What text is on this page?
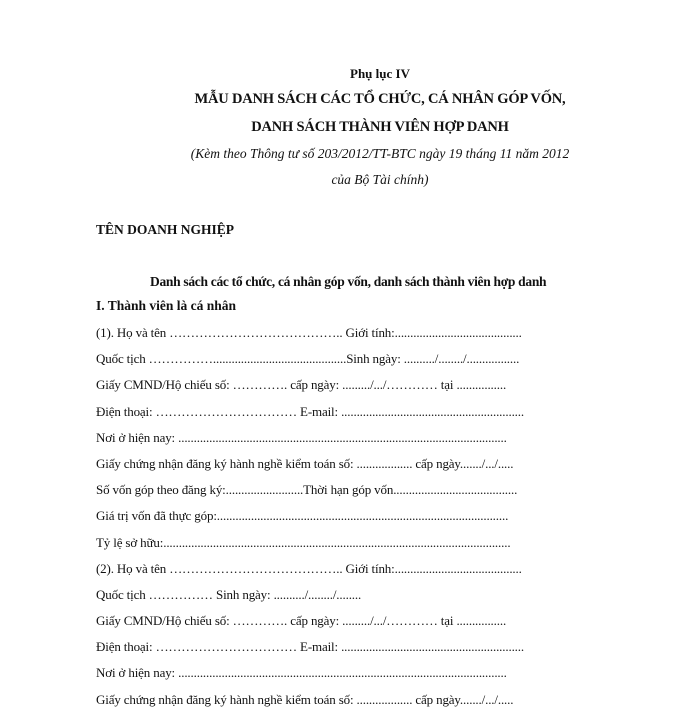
Phụ lục IV
MẪU DANH SÁCH CÁC TỔ CHỨC, CÁ NHÂN GÓP VỐN,
DANH SÁCH THÀNH VIÊN HỢP DANH
(Kèm theo Thông tư số 203/2012/TT-BTC ngày 19 tháng 11 năm 2012
của Bộ Tài chính)
TÊN DOANH NGHIỆP
Danh sách các tổ chức, cá nhân góp vốn, danh sách thành viên hợp danh
I. Thành viên là cá nhân
(1). Họ và tên ………………………………….. Giới tính:.........................................
Quốc tịch ……………...........................................Sinh ngày: ........../......../.................
Giấy CMND/Hộ chiếu số: …………. cấp ngày: ........./.../………… tại ................
Điện thoại: …………………………… E-mail: ...........................................................
Nơi ở hiện nay: ..........................................................................................................
Giấy chứng nhận đăng ký hành nghề kiểm toán số: .................. cấp ngày......./.../.....
Số vốn góp theo đăng ký:.........................Thời hạn góp vốn........................................
Giá trị vốn đã thực góp:..............................................................................................
Tỷ lệ sở hữu:................................................................................................................
(2). Họ và tên ………………………………….. Giới tính:.........................................
Quốc tịch …………… Sinh ngày: ........../......../........
Giấy CMND/Hộ chiếu số: …………. cấp ngày: ........./.../………… tại ................
Điện thoại: …………………………… E-mail: ...........................................................
Nơi ở hiện nay: ..........................................................................................................
Giấy chứng nhận đăng ký hành nghề kiểm toán số: .................. cấp ngày......./.../.....
